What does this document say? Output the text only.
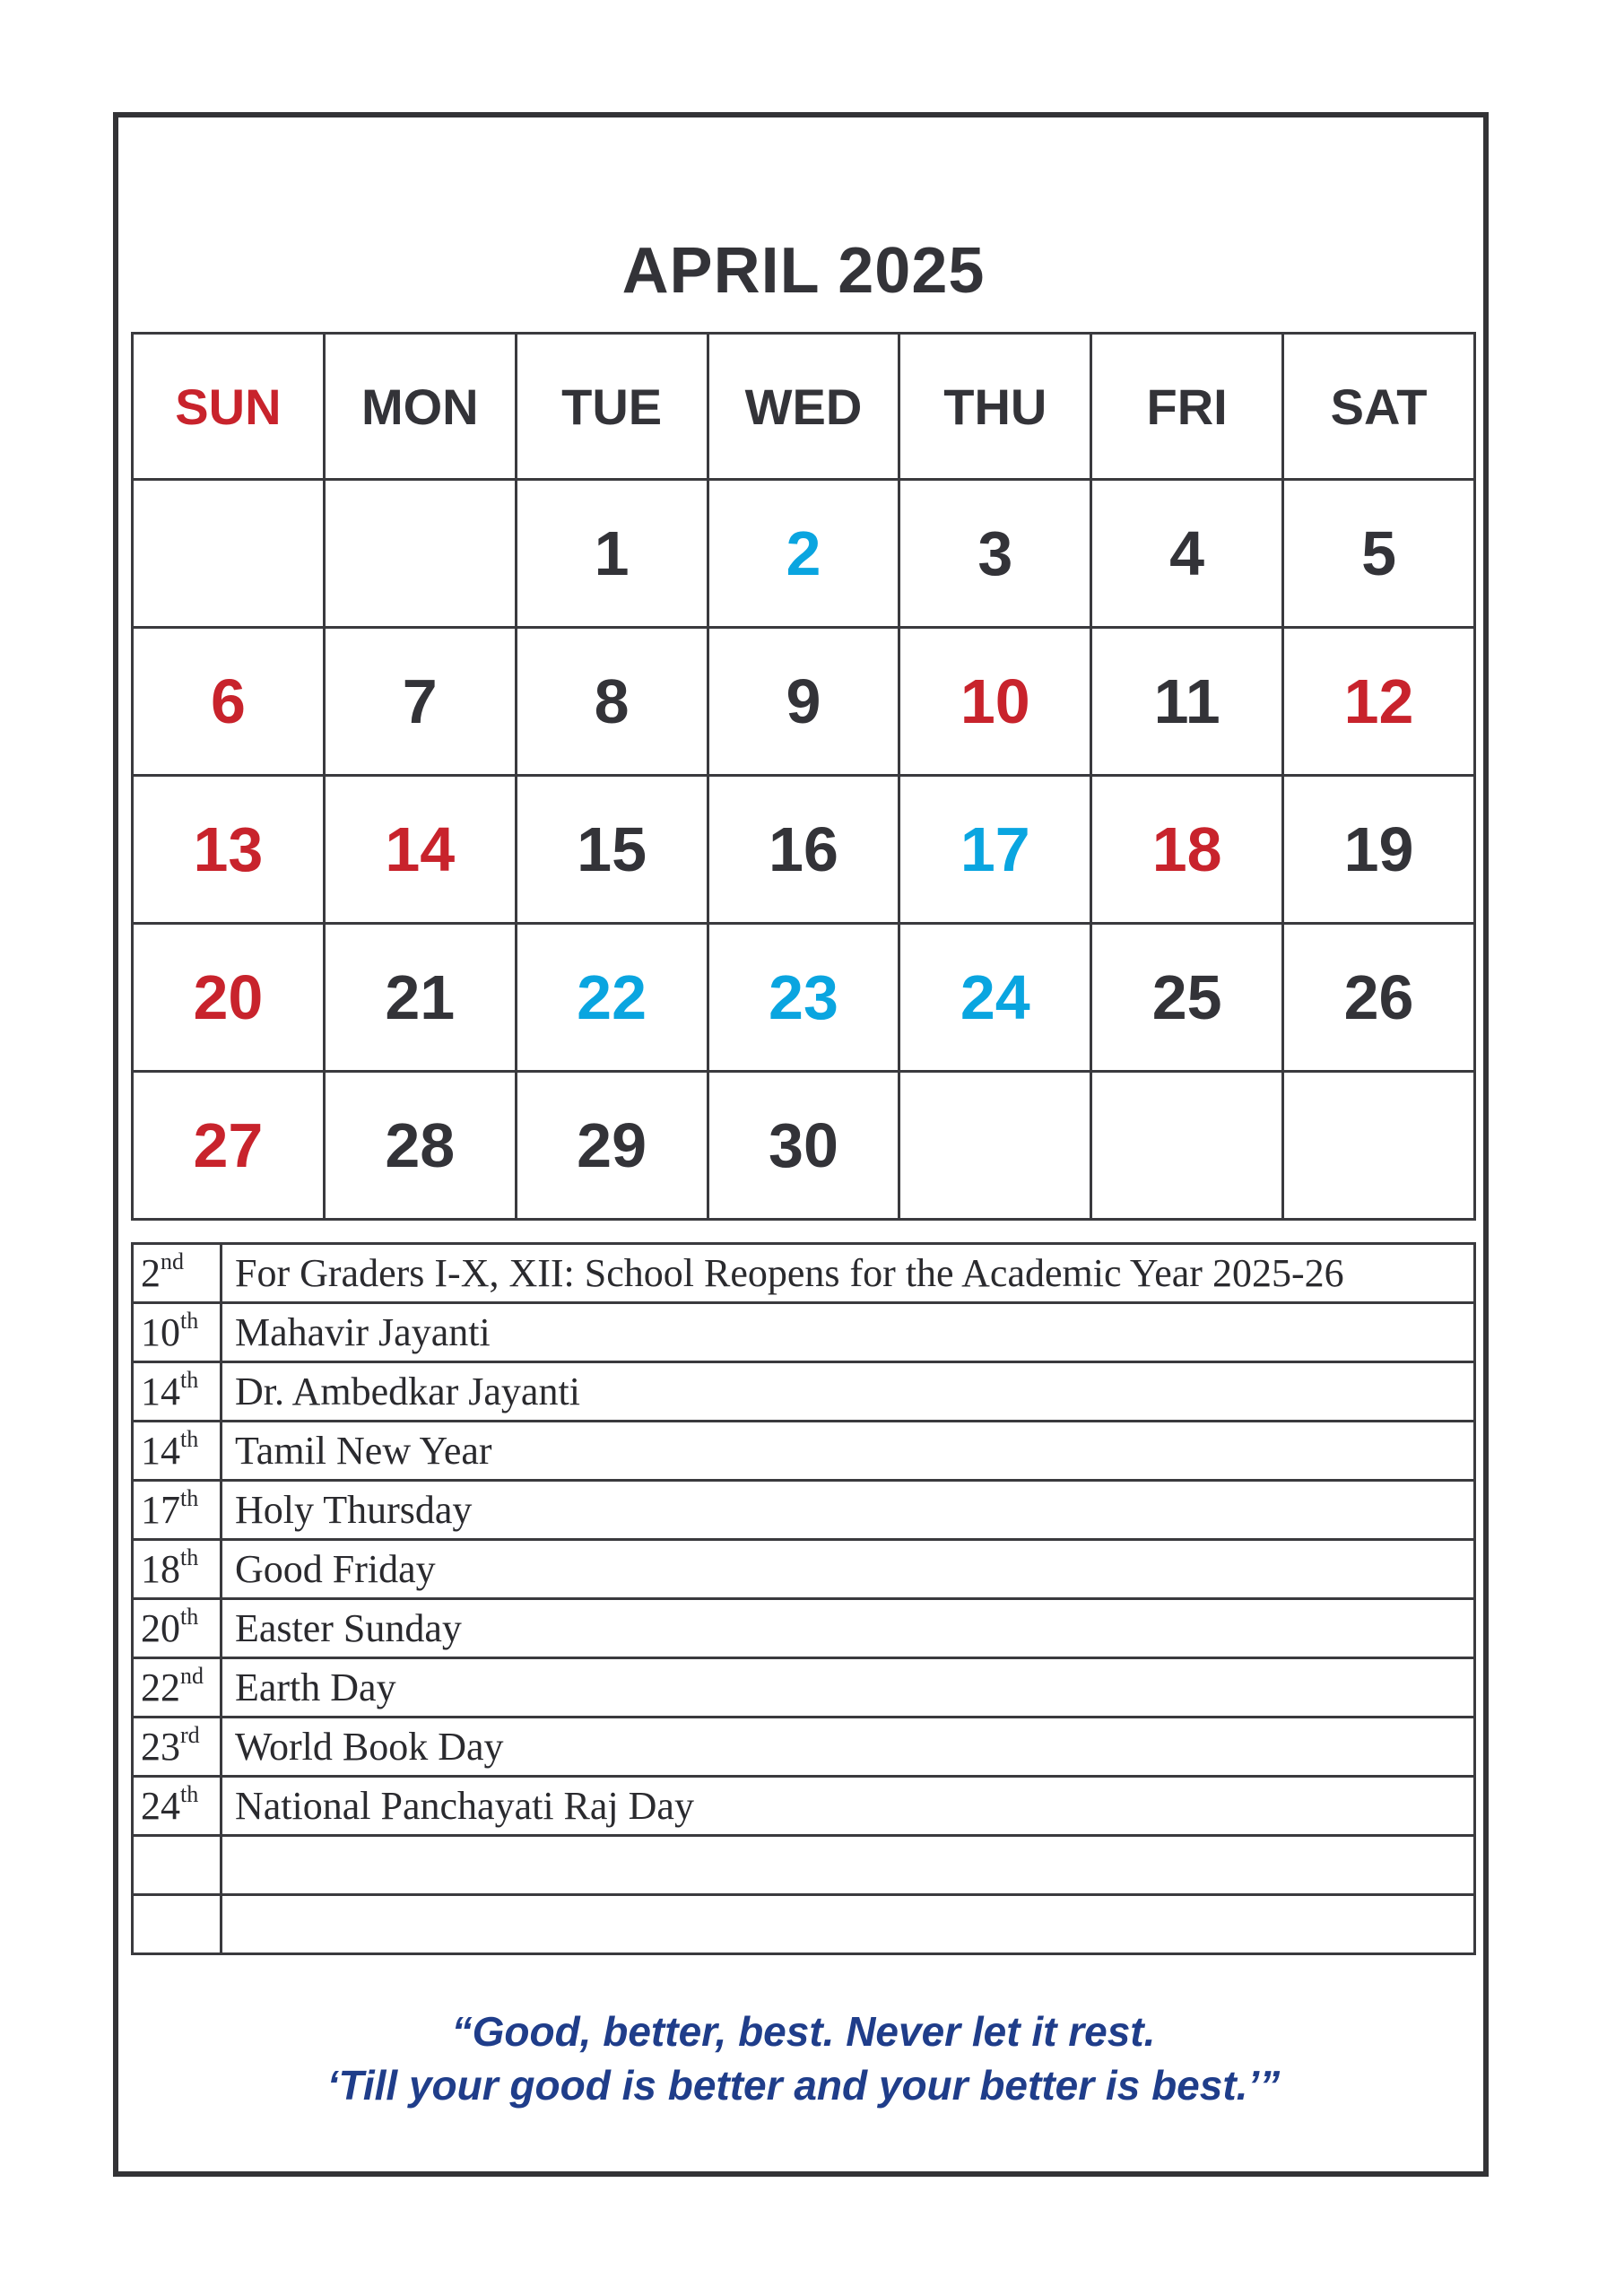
APRIL 2025
SUN	MON	TUE	WED	THU	FRI	SAT
		1	2	3	4	5
6	7	8	9	10	11	12
13	14	15	16	17	18	19
20	21	22	23	24	25	26
27	28	29	30			
2nd	For Graders I-X, XII: School Reopens for the Academic Year 2025-26
10th	Mahavir Jayanti
14th	Dr. Ambedkar Jayanti
14th	Tamil New Year
17th	Holy Thursday
18th	Good Friday
20th	Easter Sunday
22nd	Earth Day
23rd	World Book Day
24th	National Panchayati Raj Day

“Good, better, best. Never let it rest.
‘Till your good is better and your better is best.’”
